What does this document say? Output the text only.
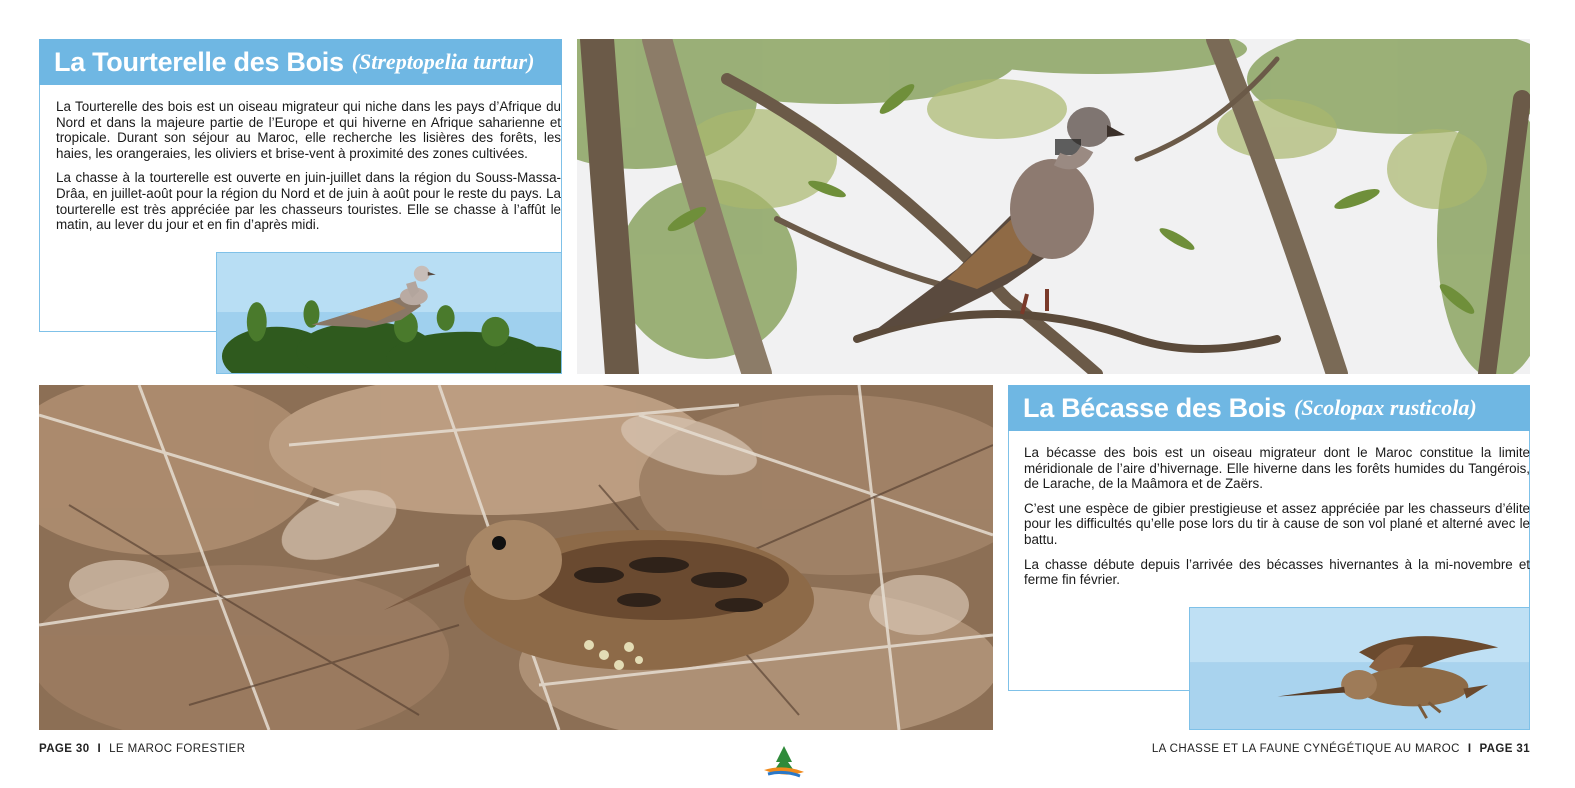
La Tourterelle des Bois (Streptopelia turtur)

La Tourterelle des bois est un oiseau migrateur qui niche dans les pays d’Afrique du Nord et dans la majeure partie de l’Europe et qui hiverne en Afrique saharienne et tropicale. Durant son séjour au Maroc, elle recherche les lisières des forêts, les haies, les orangeraies, les oliviers et brise-vent à proximité des zones cultivées.

La chasse à la tourterelle est ouverte en juin-juillet dans la région du Souss-Massa-Drâa, en juillet-août pour la région du Nord et de juin à août pour le reste du pays. La tourterelle est très appréciée par les chasseurs touristes. Elle se chasse à l’affût le matin, au lever du jour et en fin d’après midi.

La Bécasse des Bois (Scolopax rusticola)

La bécasse des bois est un oiseau migrateur dont le Maroc constitue la limite méridionale de l’aire d’hivernage. Elle hiverne dans les forêts humides du Tangérois, de Larache, de la Maâmora et de Zaërs.

C’est une espèce de gibier prestigieuse et assez appréciée par les chasseurs d’élite pour les difficultés qu’elle pose lors du tir à cause de son vol plané et alterné avec le battu.

La chasse débute depuis l’arrivée des bécasses hivernantes à la mi-novembre et ferme fin février.

PAGE 30 I LE MAROC FORESTIER	LA CHASSE ET LA FAUNE CYNÉGÉTIQUE AU MAROC I PAGE 31
